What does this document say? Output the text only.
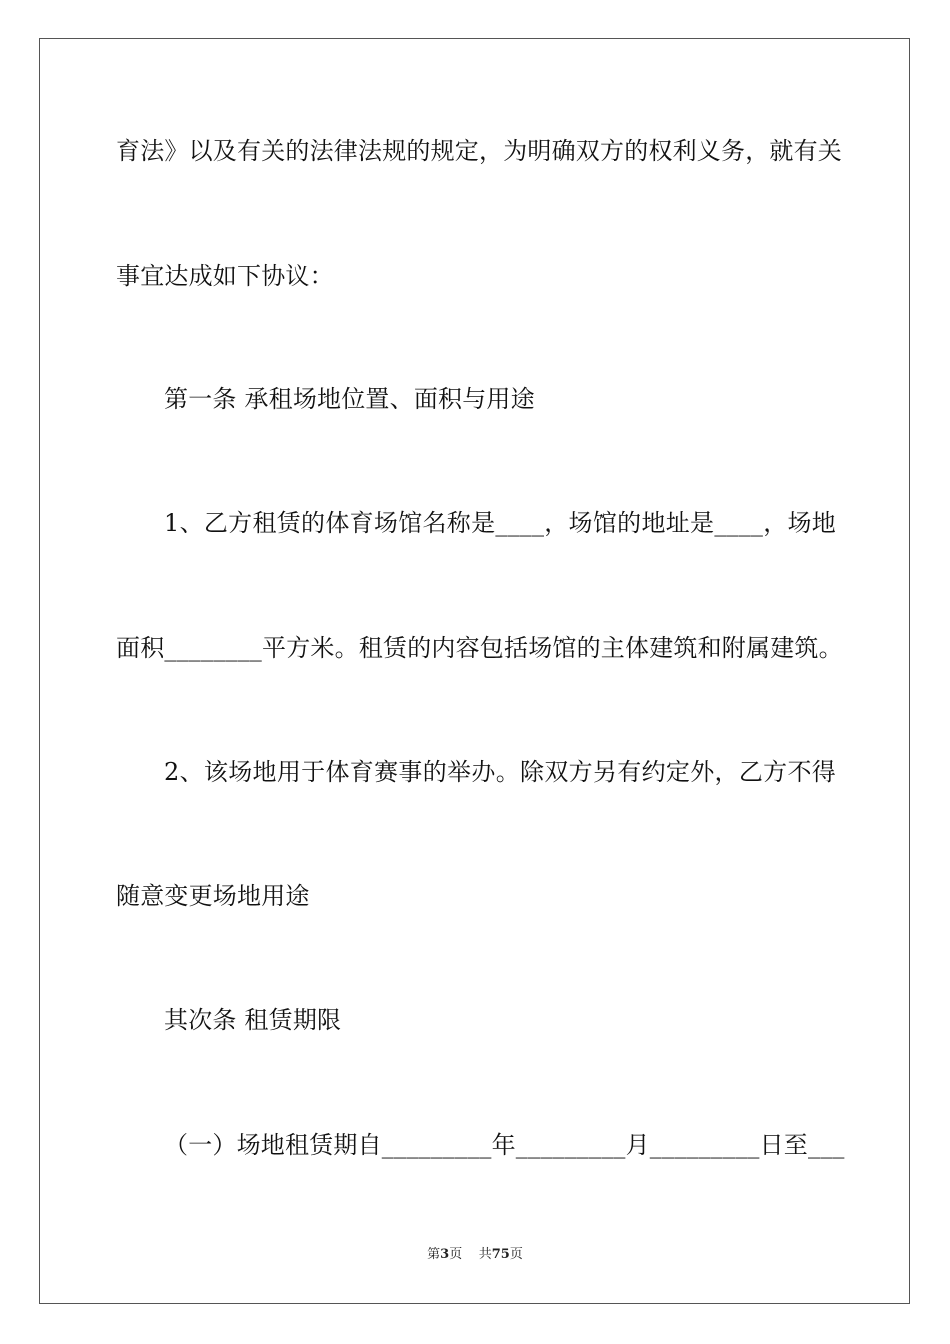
育法》以及有关的法律法规的规定，为明确双方的权利义务，就有关
事宜达成如下协议：
第一条 承租场地位置、面积与用途
1、乙方租赁的体育场馆名称是____，场馆的地址是____，场地
面积________平方米。租赁的内容包括场馆的主体建筑和附属建筑。
2、该场地用于体育赛事的举办。除双方另有约定外，乙方不得
随意变更场地用途
其次条 租赁期限
（一）场地租赁期自_________年_________月_________日至___
第3页 共75页
